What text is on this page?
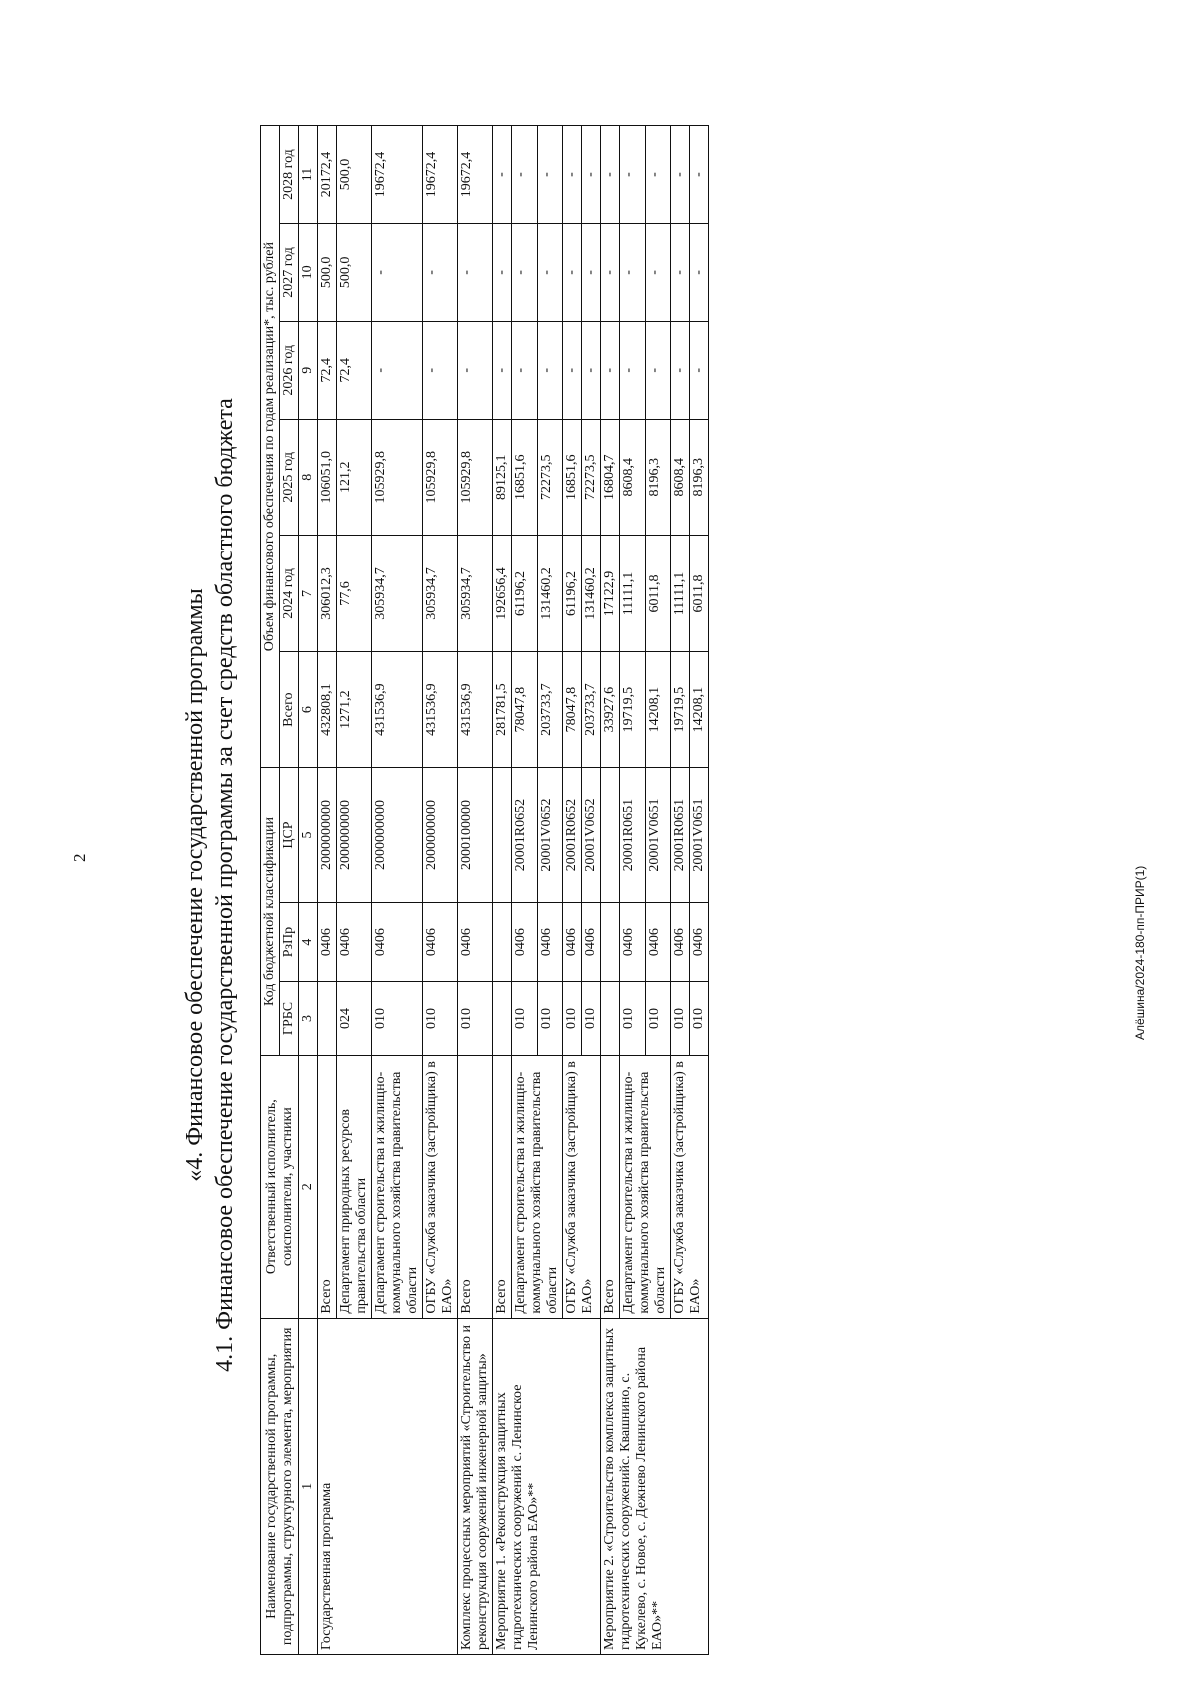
2
Алёшина/2024-180-пп-ПРИР(1)

«4. Финансовое обеспечение государственной программы 4.1. Финансовое обеспечение государственной программы за счет средств областного бюджета

Наименование государственной программы, подпрограммы, структурного элемента, мероприятия	Ответственный исполнитель, соисполнители, участники	Код бюджетной классификации			Объем финансового обеспечения по годам реализации*, тыс. рублей					
		ГРБС	РзПр	ЦСР	Всего	2024 год	2025 год	2026 год	2027 год	2028 год
1	2	3	4	5	6	7	8	9	10	11
Государственная программа	Всего		0406	2000000000	432808,1	306012,3	106051,0	72,4	500,0	20172,4
	Департамент природных ресурсов правительства области	024	0406	2000000000	1271,2	77,6	121,2	72,4	500,0	500,0
	Департамент строительства и жилищно-коммунального хозяйства правительства области	010	0406	2000000000	431536,9	305934,7	105929,8	-	-	19672,4
	ОГБУ «Служба заказчика (застройщика) в ЕАО»	010	0406	2000000000	431536,9	305934,7	105929,8	-	-	19672,4
Комплекс процессных мероприятий «Строительство и реконструкция сооружений инженерной защиты»	Всего	010	0406	2000100000	431536,9	305934,7	105929,8	-	-	19672,4
Мероприятие 1. «Реконструкция защитных гидротехнических сооружений с. Ленинское Ленинского района ЕАО»**	Всего				281781,5	192656,4	89125,1	-	-	-
	Департамент строительства и жилищно-коммунального хозяйства правительства области	010	0406	20001R0652	78047,8	61196,2	16851,6	-	-	-
		010	0406	20001V0652	203733,7	131460,2	72273,5	-	-	-
	ОГБУ «Служба заказчика (застройщика) в ЕАО»	010	0406	20001R0652	78047,8	61196,2	16851,6	-	-	-
		010	0406	20001V0652	203733,7	131460,2	72273,5	-	-	-
Мероприятие 2. «Строительство комплекса защитных гидротехнических сооруженийс. Квашнино, с. Кукелево, с. Новое, с. Дежнево Ленинского района ЕАО»**	Всего				33927,6	17122,9	16804,7	-	-	-
	Департамент строительства и жилищно-коммунального хозяйства правительства области	010	0406	20001R0651	19719,5	11111,1	8608,4	-	-	-
		010	0406	20001V0651	14208,1	6011,8	8196,3	-	-	-
	ОГБУ «Служба заказчика (застройщика) в ЕАО»	010	0406	20001R0651	19719,5	11111,1	8608,4	-	-	-
		010	0406	20001V0651	14208,1	6011,8	8196,3	-	-	-
